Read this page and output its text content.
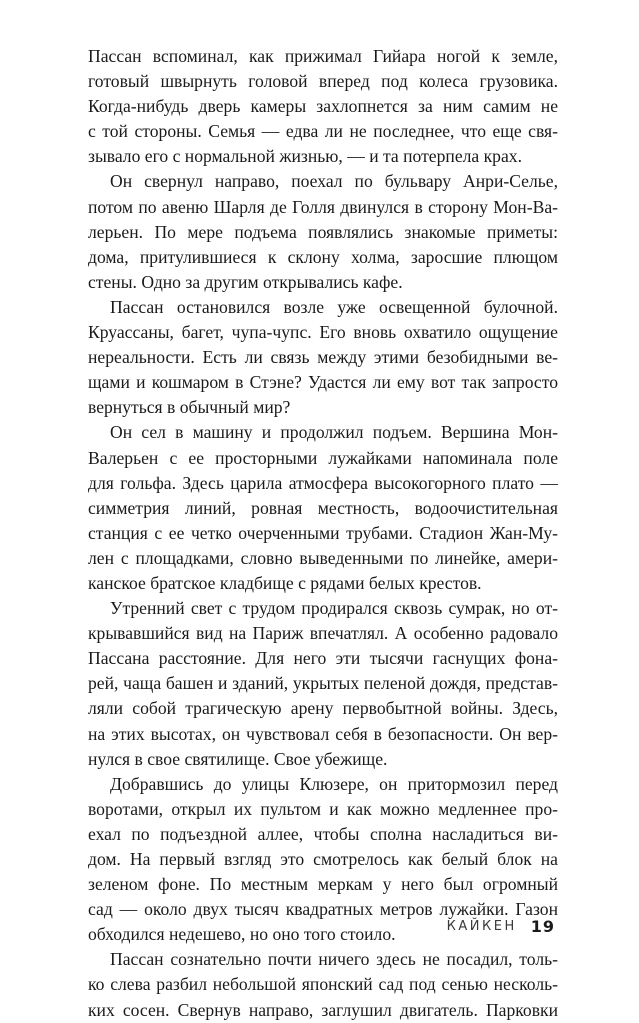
Пассан вспоминал, как прижимал Гийара ногой к земле,
готовый швырнуть головой вперед под колеса грузовика.
Когда-нибудь дверь камеры захлопнется за ним самим не
с той стороны. Семья — едва ли не последнее, что еще свя-
зывало его с нормальной жизнью, — и та потерпела крах.
Он свернул направо, поехал по бульвару Анри-Селье,
потом по авеню Шарля де Голля двинулся в сторону Мон-Ва-
лерьен. По мере подъема появлялись знакомые приметы:
дома, притулившиеся к склону холма, заросшие плющом
стены. Одно за другим открывались кафе.
Пассан остановился возле уже освещенной булочной.
Круассаны, багет, чупа-чупс. Его вновь охватило ощущение
нереальности. Есть ли связь между этими безобидными ве-
щами и кошмаром в Стэне? Удастся ли ему вот так запросто
вернуться в обычный мир?
Он сел в машину и продолжил подъем. Вершина Мон-
Валерьен с ее просторными лужайками напоминала поле
для гольфа. Здесь царила атмосфера высокогорного плато —
симметрия линий, ровная местность, водоочистительная
станция с ее четко очерченными трубами. Стадион Жан-Му-
лен с площадками, словно выведенными по линейке, амери-
канское братское кладбище с рядами белых крестов.
Утренний свет с трудом продирался сквозь сумрак, но от-
крывавшийся вид на Париж впечатлял. А особенно радовало
Пассана расстояние. Для него эти тысячи гаснущих фона-
рей, чаща башен и зданий, укрытых пеленой дождя, представ-
ляли собой трагическую арену первобытной войны. Здесь,
на этих высотах, он чувствовал себя в безопасности. Он вер-
нулся в свое святилище. Свое убежище.
Добравшись до улицы Клюзере, он притормозил перед
воротами, открыл их пультом и как можно медленнее про-
ехал по подъездной аллее, чтобы сполна насладиться ви-
дом. На первый взгляд это смотрелось как белый блок на
зеленом фоне. По местным меркам у него был огромный
сад — около двух тысяч квадратных метров лужайки. Газон
обходился недешево, но оно того стоило.
Пассан сознательно почти ничего здесь не посадил, толь-
ко слева разбил небольшой японский сад под сенью несколь-
ких сосен. Свернув направо, заглушил двигатель. Парковки
КАЙКЕН 19
